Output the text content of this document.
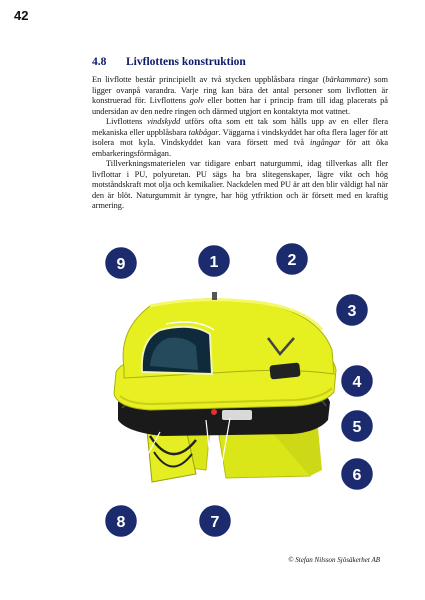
42
4.8 Livflottens konstruktion

En livflotte består principiellt av två stycken uppblåsbara ringar (bärkammare) som ligger ovanpå varandra. Varje ring kan bära det antal personer som livflotten är konstruerad för. Livflottens golv eller botten har i princip fram till idag placerats på undersidan av den nedre ringen och därmed utgjort en kontaktyta mot vattnet.

Livflottens vindskydd utförs ofta som ett tak som hålls upp av en eller flera mekaniska eller uppblåsbara takbågar. Väggarna i vindskyddet har ofta flera lager för att isolera mot kyla. Vindskyddet kan vara försett med två ingångar för att öka embarkeringsförmågan.

Tillverkningsmaterielen var tidigare enbart naturgummi, idag tillverkas allt fler livflottar i PU, polyuretan. PU sägs ha bra slitegenskaper, lägre vikt och hög motståndskraft mot olja och kemikalier. Nackdelen med PU är att den blir väldigt hal när den är blöt. Naturgummit är tyngre, har hög ytfriktion och är försett med en kraftig armering.

1	2
3
4
5
6
7
8
9
© Stefan Nilsson Sjösäkerhet AB
